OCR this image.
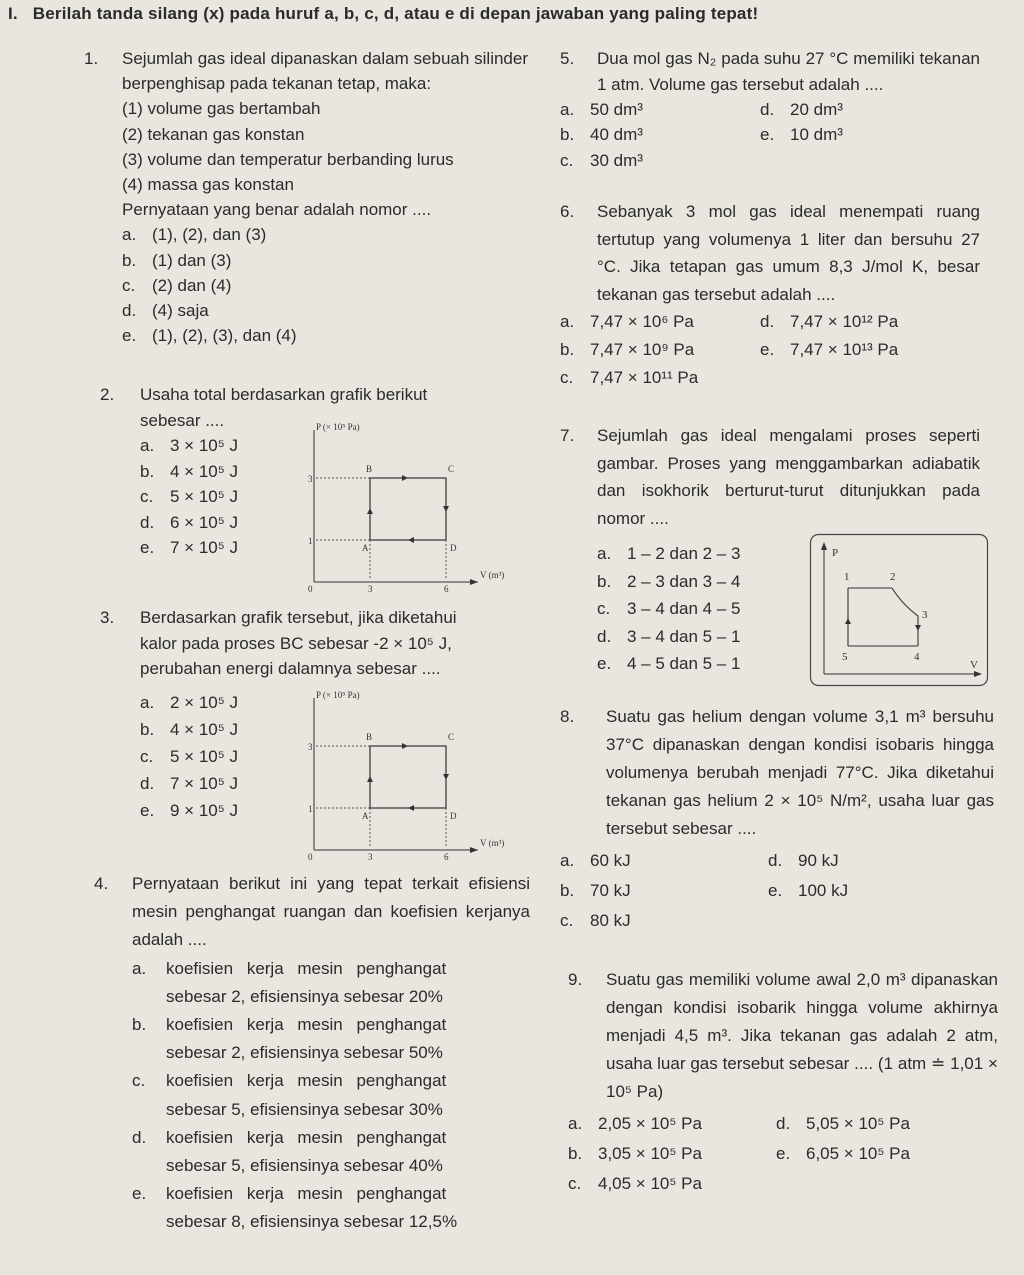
I. Berilah tanda silang (x) pada huruf a, b, c, d, atau e di depan jawaban yang paling tepat!
1.	Sejumlah gas ideal dipanaskan dalam sebuah silinder berpenghisap pada tekanan tetap, maka:
(1) volume gas bertambah
(2) tekanan gas konstan
(3) volume dan temperatur berbanding lurus
(4) massa gas konstan
Pernyataan yang benar adalah nomor ....
a. (1), (2), dan (3)
b. (1) dan (3)
c. (2) dan (4)
d. (4) saja
e. (1), (2), (3), dan (4)
2.	Usaha total berdasarkan grafik berikut
sebesar ....
a. 3 × 10⁵ J
b. 4 × 10⁵ J
c. 5 × 10⁵ J
d. 6 × 10⁵ J
e. 7 × 10⁵ J
P (× 10⁵ Pa)
V (m³)
3
1
0	3	6
B	C
A	D
3.	Berdasarkan grafik tersebut, jika diketahui
kalor pada proses BC sebesar -2 × 10⁵ J,
perubahan energi dalamnya sebesar ....
a. 2 × 10⁵ J
b. 4 × 10⁵ J
c. 5 × 10⁵ J
d. 7 × 10⁵ J
e. 9 × 10⁵ J
P (× 10⁵ Pa)
V (m³)
3
1
0	3	6
B	C
A	D
4.	Pernyataan berikut ini yang tepat terkait efisiensi mesin penghangat ruangan dan koefisien kerjanya adalah ....
a. koefisien kerja mesin penghangat
sebesar 2, efisiensinya sebesar 20%
b. koefisien kerja mesin penghangat
sebesar 2, efisiensinya sebesar 50%
c. koefisien kerja mesin penghangat
sebesar 5, efisiensinya sebesar 30%
d. koefisien kerja mesin penghangat
sebesar 5, efisiensinya sebesar 40%
e. koefisien kerja mesin penghangat
sebesar 8, efisiensinya sebesar 12,5%
5.	Dua mol gas N₂ pada suhu 27 °C memiliki tekanan 1 atm. Volume gas tersebut adalah ....
a. 50 dm³	d. 20 dm³
b. 40 dm³	e. 10 dm³
c. 30 dm³
6.	Sebanyak 3 mol gas ideal menempati ruang tertutup yang volumenya 1 liter dan bersuhu 27 °C. Jika tetapan gas umum 8,3 J/mol K, besar tekanan gas tersebut adalah ....
a. 7,47 × 10⁶ Pa	d. 7,47 × 10¹² Pa
b. 7,47 × 10⁹ Pa	e. 7,47 × 10¹³ Pa
c. 7,47 × 10¹¹ Pa
7.	Sejumlah gas ideal mengalami proses seperti gambar. Proses yang menggambarkan adiabatik dan isokhorik berturut-turut ditunjukkan pada nomor ....
a. 1 – 2 dan 2 – 3
b. 2 – 3 dan 3 – 4
c. 3 – 4 dan 4 – 5
d. 3 – 4 dan 5 – 1
e. 4 – 5 dan 5 – 1
P
V
1	2
3
4
5
8.	Suatu gas helium dengan volume 3,1 m³ bersuhu 37°C dipanaskan dengan kondisi isobaris hingga volumenya berubah menjadi 77°C. Jika diketahui tekanan gas helium 2 × 10⁵ N/m², usaha luar gas tersebut sebesar ....
a. 60 kJ	d. 90 kJ
b. 70 kJ	e. 100 kJ
c. 80 kJ
9.	Suatu gas memiliki volume awal 2,0 m³ dipanaskan dengan kondisi isobarik hingga volume akhirnya menjadi 4,5 m³. Jika tekanan gas adalah 2 atm, usaha luar gas tersebut sebesar .... (1 atm ≐ 1,01 × 10⁵ Pa)
a. 2,05 × 10⁵ Pa	d. 5,05 × 10⁵ Pa
b. 3,05 × 10⁵ Pa	e. 6,05 × 10⁵ Pa
c. 4,05 × 10⁵ Pa
